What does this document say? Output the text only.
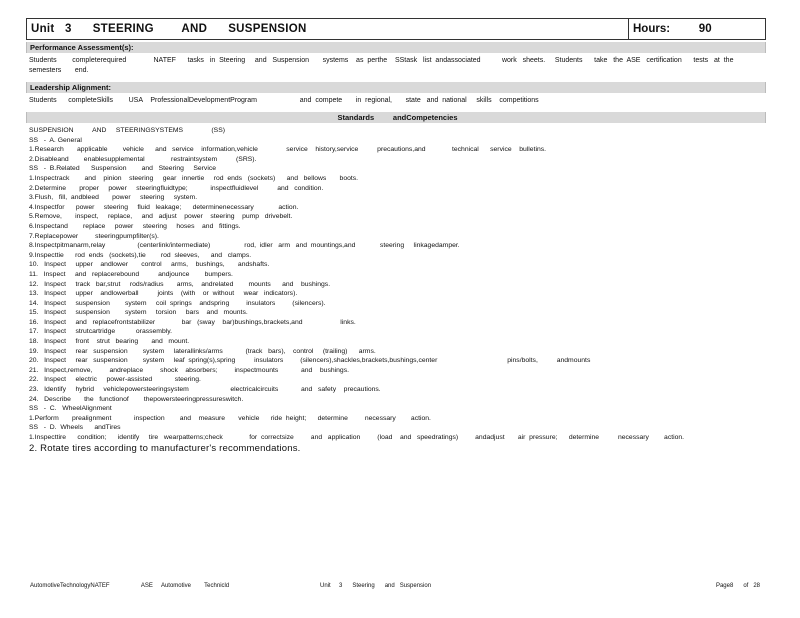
Unit   3      STEERING        AND      SUSPENSION	Hours:         90
Performance Assessment(s):
Students        completerequired              NATEF      tasks   in  Steering     and   Suspension       systems    as  perthe    SStask   list  andassociated           work   sheets.     Students      take   the  ASE   certification      tests   at  the semesters       end.
Leadership Alignment:
Students      completeSkills        USA    ProfessionalDevelopmentProgram                      and  compete       in  regional,       state   and  national     skills    competitions
Standards         andCompetencies
SUSPENSION          AND     STEERINGSYSTEMS               (SS)
SS   -  A. General
1.Research       applicable        vehicle      and   service    information,vehicle               service    history,service          precautions,and              technical      service    bulletins.
2.Disableand        enablesupplemental              restraintsystem          (SRS).
SS   -  B.Related      Suspension        and   Steering     Service
1.Inspectrack        and    pinion    steering     gear   innertie     rod  ends   (sockets)      and   bellows       boots.
2.Determine       proper     power     steeringfluidtype;            inspectfluidlevel          and   condition.
3.Flush,   fill,  andbleed       power     steering     system.
4.Inspectfor      power     steering     fluid   leakage;      determinenecessary             action.
5.Remove,       inspect,     replace,     and   adjust    power    steering    pump   drivebelt.
6.Inspectand        replace     power     steering     hoses    and   fittings.
7.Replacepower         steeringpumpfilter(s).
8.Inspectpitmanarm,relay                 (centerlink/intermediate)                  rod,  idler   arm   and  mountings,and             steering     linkagedamper.
9.Inspecttie      rod  ends   (sockets),tie        rod  sleeves,      and   clamps.
10.   Inspect     upper    andlower       control     arms,    bushings,       andshafts.
11.   Inspect     and   replacerebound          andjounce        bumpers.
12.   Inspect     track   bar,strut     rods/radius       arms,    andrelated        mounts      and    bushings.
13.   Inspect     upper    andlowerball          joints    (with    or  without     wear   indicators).
14.   Inspect     suspension        system     coil  springs    andspring         insulators         (silencers).
15.   Inspect     suspension        system     torsion     bars    and   mounts.
16.   Inspect     and   replacefrontstabilizer              bar   (sway    bar)bushings,brackets,and                    links.
17.   Inspect     strutcartridge           orassembly.
18.   Inspect     front    strut   bearing       and   mount.
19.   Inspect     rear   suspension        system     laterallinks/arms            (track   bars),    control     (trailing)      arms.
20.   Inspect     rear   suspension        system     leaf  spring(s),spring          insulators         (silencers),shackles,brackets,bushings,center                                     pins/bolts,          andmounts
21.   Inspect,remove,         andreplace         shock    absorbers;         inspectmounts            and    bushings.
22.   Inspect     electric     power-assisted            steering.
23.   Identify     hybrid     vehiclepowersteeringsystem                      electricalcircuits            and   safety    precautions.
24.   Describe       the   functionof        thepowersteeringpressureswitch.
SS   -  C.   WheelAlignment
1.Perform       prealignment            inspection        and    measure       vehicle      ride  height;      determine         necessary        action.
SS   -  D.  Wheels      andTires
1.Inspecttire      condition;      identify     tire   wearpatterns;check              for  correctsize         and   application         (load    and   speedratings)         andadjust       air  pressure;      determine          necessary        action.
2. Rotate tires according to manufacturer's recommendations.
AutomotiveTechnologyNATEF                   ASE     Automotive        Technicld	Unit     3      Steering      and   Suspension	Page8      of   28
